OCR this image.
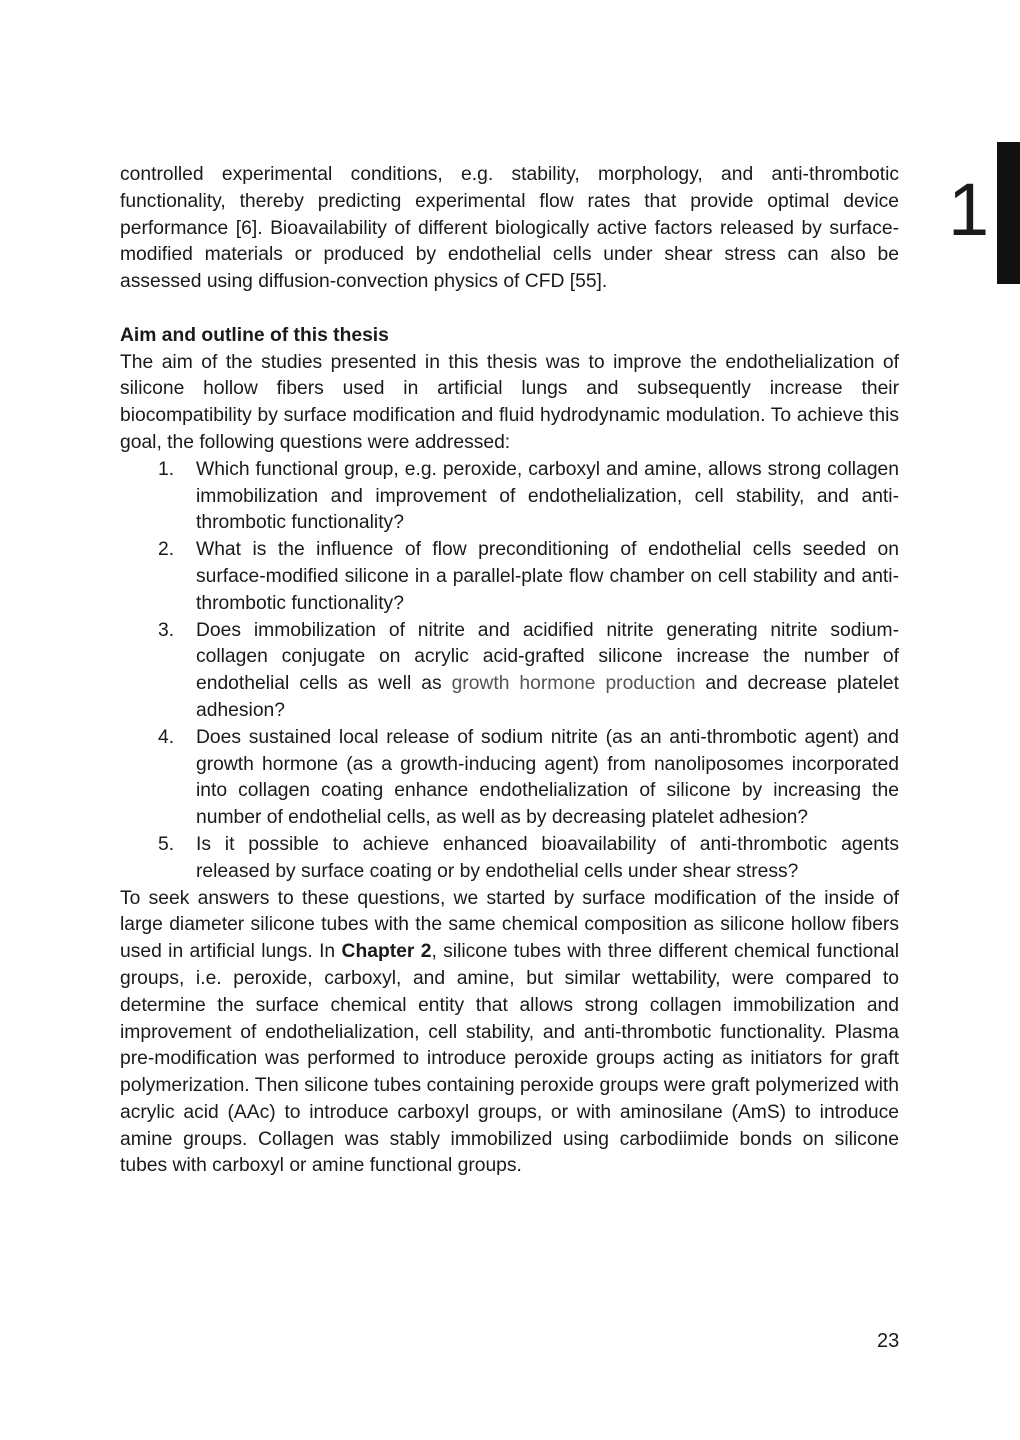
1

controlled experimental conditions, e.g. stability, morphology, and anti-thrombotic functionality, thereby predicting experimental flow rates that provide optimal device performance [6]. Bioavailability of different biologically active factors released by surface-modified materials or produced by endothelial cells under shear stress can also be assessed using diffusion-convection physics of CFD [55].

Aim and outline of this thesis

The aim of the studies presented in this thesis was to improve the endothelialization of silicone hollow fibers used in artificial lungs and subsequently increase their biocompatibility by surface modification and fluid hydrodynamic modulation. To achieve this goal, the following questions were addressed:

1. Which functional group, e.g. peroxide, carboxyl and amine, allows strong collagen immobilization and improvement of endothelialization, cell stability, and anti-thrombotic functionality?
2. What is the influence of flow preconditioning of endothelial cells seeded on surface-modified silicone in a parallel-plate flow chamber on cell stability and anti-thrombotic functionality?
3. Does immobilization of nitrite and acidified nitrite generating nitrite sodium-collagen conjugate on acrylic acid-grafted silicone increase the number of endothelial cells as well as growth hormone production and decrease platelet adhesion?
4. Does sustained local release of sodium nitrite (as an anti-thrombotic agent) and growth hormone (as a growth-inducing agent) from nanoliposomes incorporated into collagen coating enhance endothelialization of silicone by increasing the number of endothelial cells, as well as by decreasing platelet adhesion?
5. Is it possible to achieve enhanced bioavailability of anti-thrombotic agents released by surface coating or by endothelial cells under shear stress?

To seek answers to these questions, we started by surface modification of the inside of large diameter silicone tubes with the same chemical composition as silicone hollow fibers used in artificial lungs. In Chapter 2, silicone tubes with three different chemical functional groups, i.e. peroxide, carboxyl, and amine, but similar wettability, were compared to determine the surface chemical entity that allows strong collagen immobilization and improvement of endothelialization, cell stability, and anti-thrombotic functionality. Plasma pre-modification was performed to introduce peroxide groups acting as initiators for graft polymerization. Then silicone tubes containing peroxide groups were graft polymerized with acrylic acid (AAc) to introduce carboxyl groups, or with aminosilane (AmS) to introduce amine groups. Collagen was stably immobilized using carbodiimide bonds on silicone tubes with carboxyl or amine functional groups.

23
